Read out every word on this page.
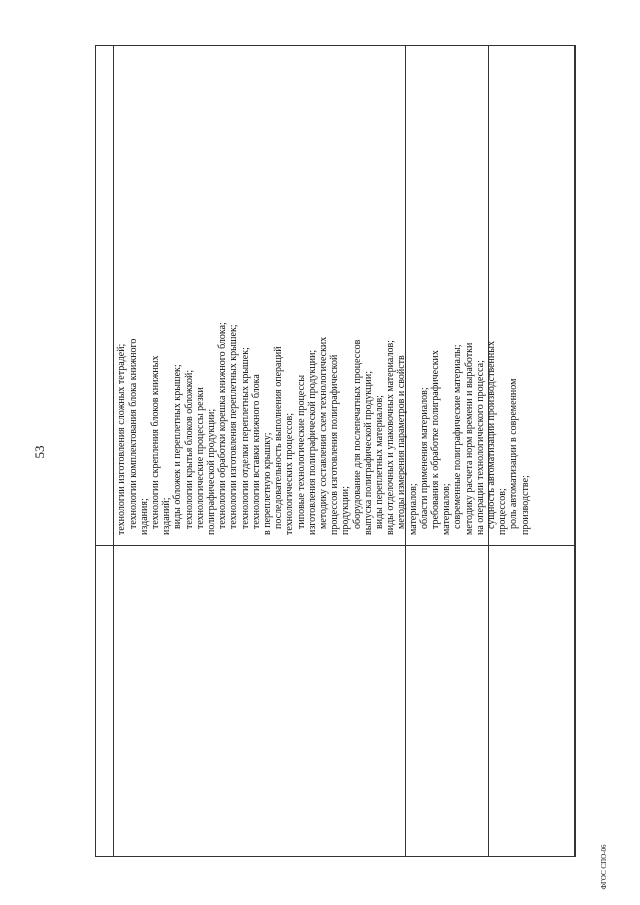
53
ФГОС СПО-06
технологии изготовления сложных тетрадей; технологии комплектования блока книжного издания; технологии скрепления блоков книжных изданий; виды обложек и переплетных крышек; технологии крытья блоков обложкой; технологические процессы резки полиграфической продукции; технологии обработки корешка книжного блока; технологии изготовления переплетных крышек; технологии отделки переплетных крышек; технологии вставки книжного блока в переплетную крышку; последовательность выполнения операций технологических процессов; типовые технологические процессы изготовления полиграфической продукции; методику составления схем технологических процессов изготовления полиграфической продукции; оборудование для послепечатных процессов выпуска полиграфической продукции; виды переплетных материалов; виды отделочных и упаковочных материалов; методы измерения параметров и свойств материалов; области применения материалов; требования к обработке полиграфических материалов; современные полиграфические материалы; методику расчета норм времени и выработки на операции технологического процесса; сущность автоматизации производственных процессов; роль автоматизации в современном производстве;
